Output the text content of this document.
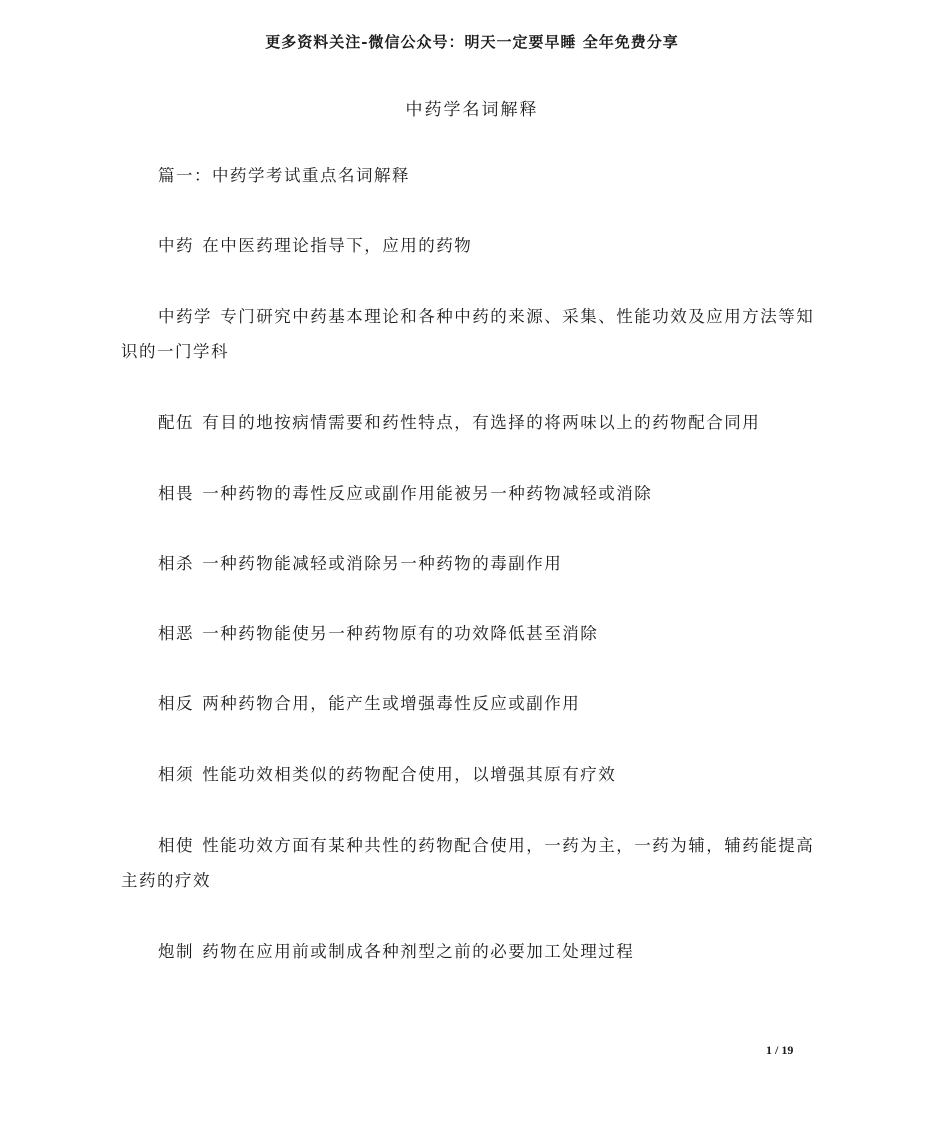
更多资料关注-微信公众号：明天一定要早睡 全年免费分享
中药学名词解释

篇一：中药学考试重点名词解释

中药 在中医药理论指导下，应用的药物

中药学 专门研究中药基本理论和各种中药的来源、采集、性能功效及应用方法等知识的一门学科

配伍 有目的地按病情需要和药性特点，有选择的将两味以上的药物配合同用

相畏 一种药物的毒性反应或副作用能被另一种药物减轻或消除

相杀 一种药物能减轻或消除另一种药物的毒副作用

相恶 一种药物能使另一种药物原有的功效降低甚至消除

相反 两种药物合用，能产生或增强毒性反应或副作用

相须 性能功效相类似的药物配合使用，以增强其原有疗效

相使 性能功效方面有某种共性的药物配合使用，一药为主，一药为辅，辅药能提高主药的疗效

炮制 药物在应用前或制成各种剂型之前的必要加工处理过程

1 / 19
